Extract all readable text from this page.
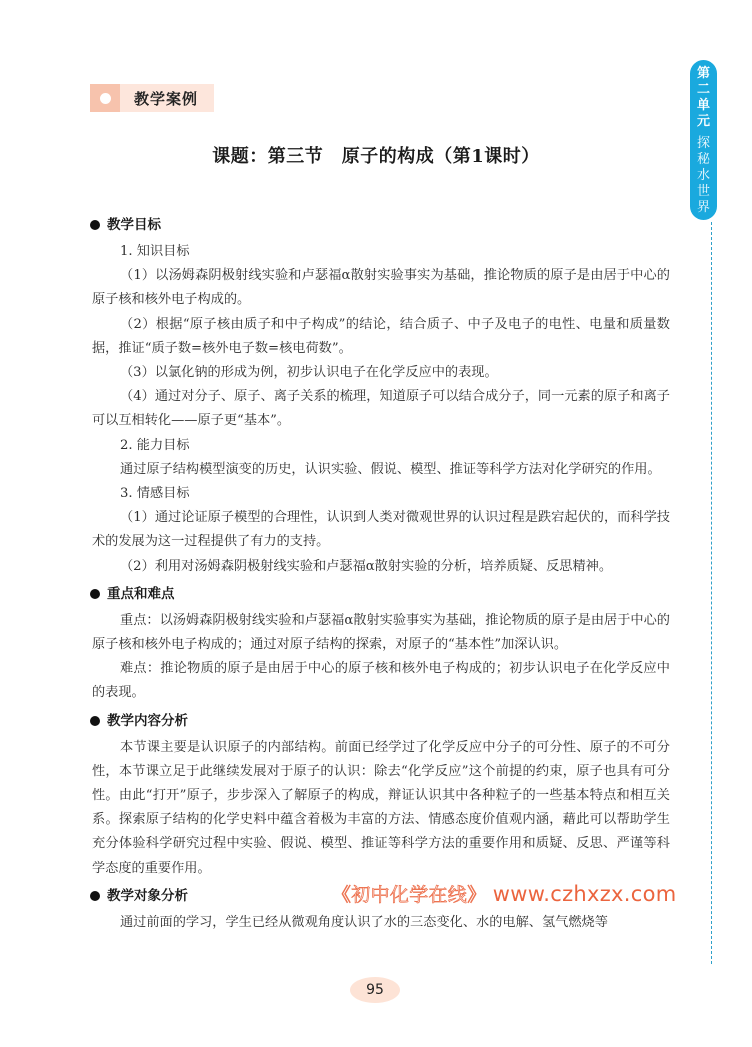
教学案例
第
二
单
元
探
秘
水
世
界
课题：第三节　原子的构成（第1课时）
教学目标

1. 知识目标

（1）以汤姆森阴极射线实验和卢瑟福α散射实验事实为基础，推论物质的原子是由居于中心的原子核和核外电子构成的。

（2）根据“原子核由质子和中子构成”的结论，结合质子、中子及电子的电性、电量和质量数据，推证“质子数=核外电子数=核电荷数”。

（3）以氯化钠的形成为例，初步认识电子在化学反应中的表现。

（4）通过对分子、原子、离子关系的梳理，知道原子可以结合成分子，同一元素的原子和离子可以互相转化——原子更“基本”。

2. 能力目标

通过原子结构模型演变的历史，认识实验、假说、模型、推证等科学方法对化学研究的作用。

3. 情感目标

（1）通过论证原子模型的合理性，认识到人类对微观世界的认识过程是跌宕起伏的，而科学技术的发展为这一过程提供了有力的支持。

（2）利用对汤姆森阴极射线实验和卢瑟福α散射实验的分析，培养质疑、反思精神。

重点和难点

重点：以汤姆森阴极射线实验和卢瑟福α散射实验事实为基础，推论物质的原子是由居于中心的原子核和核外电子构成的；通过对原子结构的探索，对原子的“基本性”加深认识。

难点：推论物质的原子是由居于中心的原子核和核外电子构成的；初步认识电子在化学反应中的表现。

教学内容分析

本节课主要是认识原子的内部结构。前面已经学过了化学反应中分子的可分性、原子的不可分性，本节课立足于此继续发展对于原子的认识：除去“化学反应”这个前提的约束，原子也具有可分性。由此“打开”原子，步步深入了解原子的构成，辩证认识其中各种粒子的一些基本特点和相互关系。探索原子结构的化学史料中蕴含着极为丰富的方法、情感态度价值观内涵，藉此可以帮助学生充分体验科学研究过程中实验、假说、模型、推证等科学方法的重要作用和质疑、反思、严谨等科学态度的重要作用。

教学对象分析

通过前面的学习，学生已经从微观角度认识了水的三态变化、水的电解、氢气燃烧等

《初中化学在线》 www.czhxzx.com
95
